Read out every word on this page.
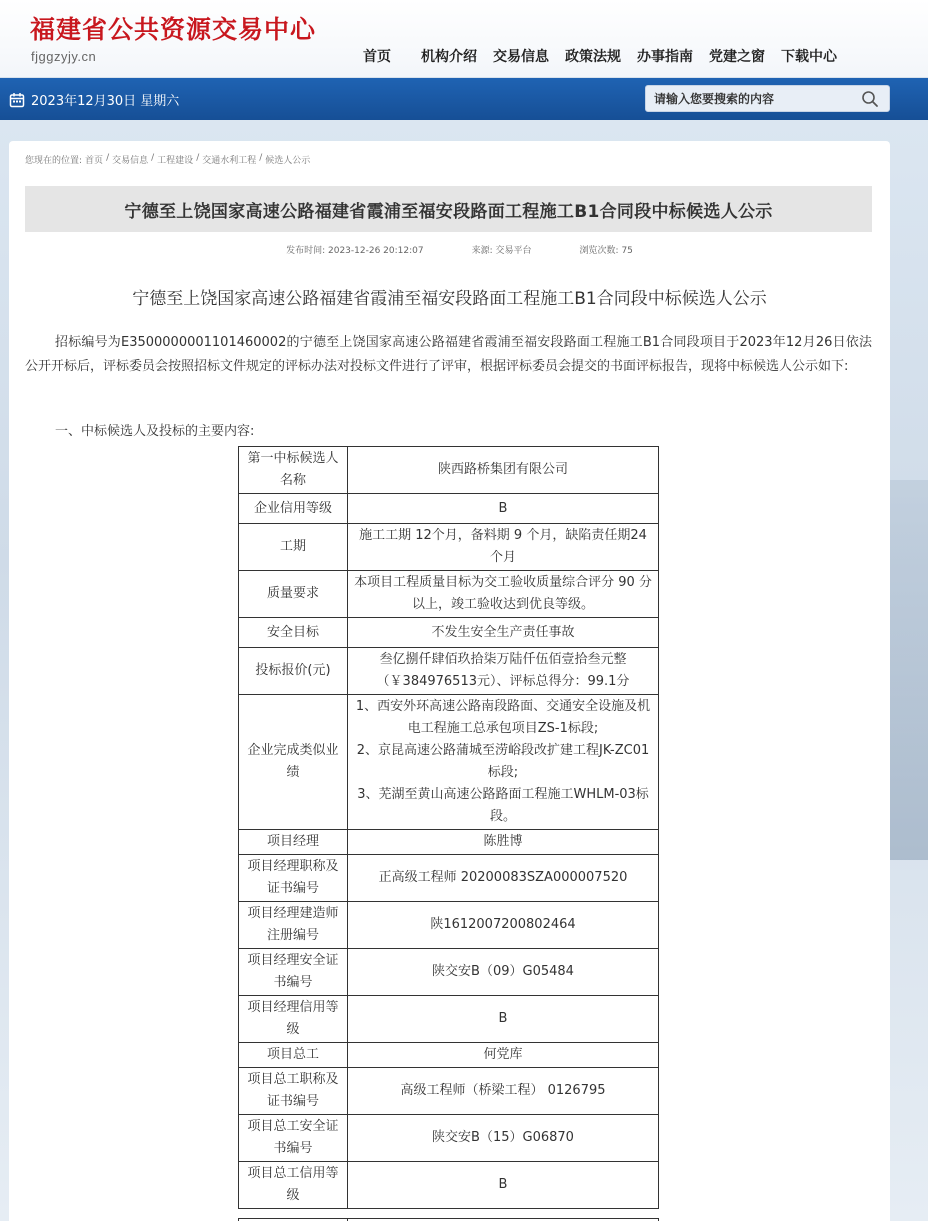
福建省公共资源交易中心
fjggzyjy.cn	首页	机构介绍	交易信息	政策法规	办事指南	党建之窗	下载中心
2023年12月30日 星期六
请输入您要搜索的内容
您现在的位置: 首页 / 交易信息 / 工程建设 / 交通水利工程 / 候选人公示
宁德至上饶国家高速公路福建省霞浦至福安段路面工程施工B1合同段中标候选人公示
发布时间: 2023-12-26 20:12:07	来源: 交易平台	浏览次数: 75
宁德至上饶国家高速公路福建省霞浦至福安段路面工程施工B1合同段中标候选人公示

招标编号为E3500000001101460002的宁德至上饶国家高速公路福建省霞浦至福安段路面工程施工B1合同段项目于2023年12月26日依法公开开标后，评标委员会按照招标文件规定的评标办法对投标文件进行了评审，根据评标委员会提交的书面评标报告，现将中标候选人公示如下:

一、中标候选人及投标的主要内容:
第一中标候选人名称	陕西路桥集团有限公司
企业信用等级	B
工期	施工工期 12个月，备料期 9 个月，缺陷责任期24 个月
质量要求	本项目工程质量目标为交工验收质量综合评分 90 分以上，竣工验收达到优良等级。
安全目标	不发生安全生产责任事故
投标报价(元)	叁亿捌仟肆佰玖拾柒万陆仟伍佰壹拾叁元整（￥384976513元）、评标总得分：99.1分
企业完成类似业绩	1、西安外环高速公路南段路面、交通安全设施及机电工程施工总承包项目ZS-1标段;
2、京昆高速公路蒲城至涝峪段改扩建工程JK-ZC01标段;
3、芜湖至黄山高速公路路面工程施工WHLM-03标段。
项目经理	陈胜博
项目经理职称及证书编号	正高级工程师 20200083SZA000007520
项目经理建造师注册编号	陕1612007200802464
项目经理安全证书编号	陕交安B（09）G05484
项目经理信用等级	B
项目总工	何党库
项目总工职称及证书编号	高级工程师（桥梁工程） 0126795
项目总工安全证书编号	陕交安B（15）G06870
项目总工信用等级	B
